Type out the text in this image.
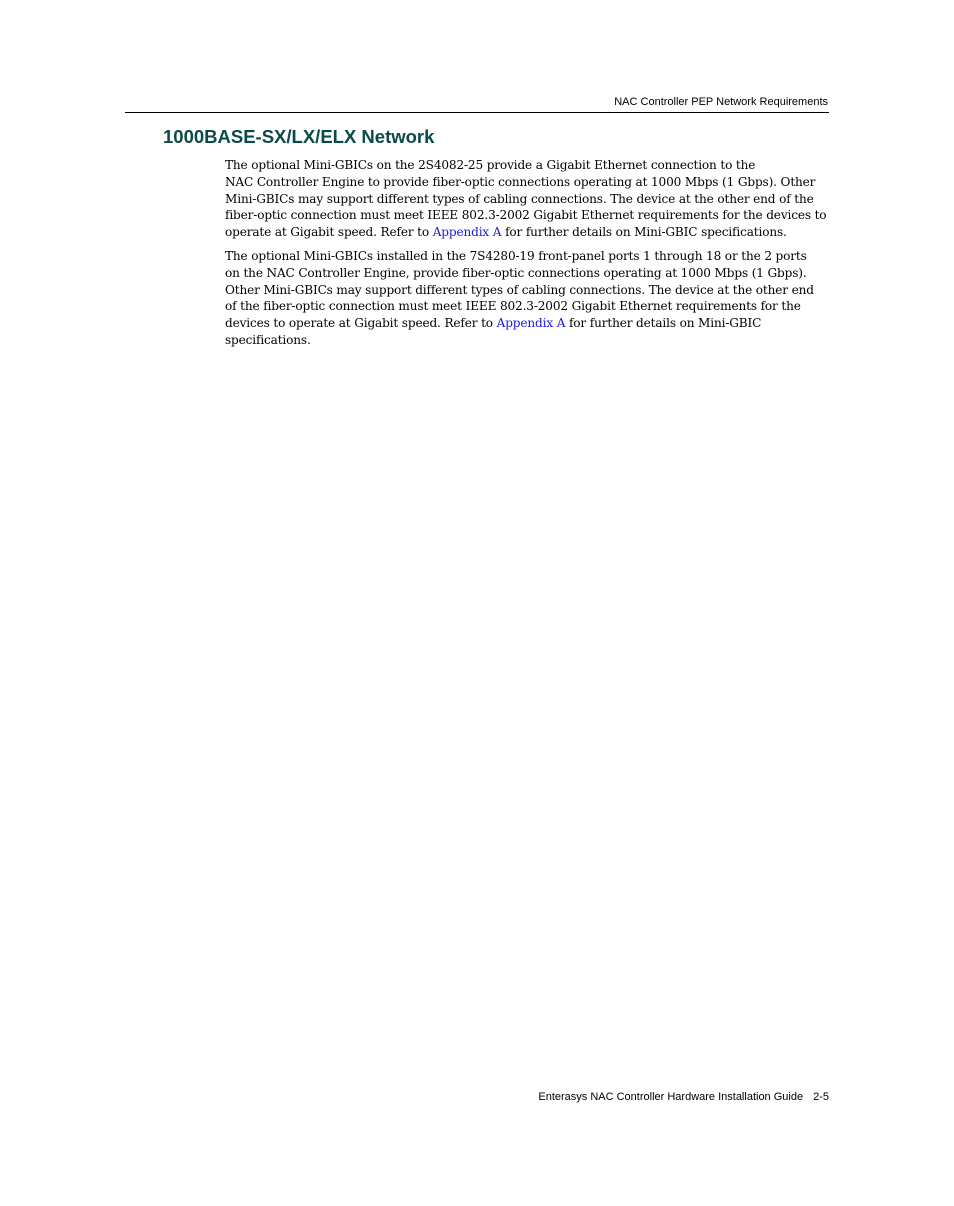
NAC Controller PEP Network Requirements
1000BASE-SX/LX/ELX Network

The optional Mini-GBICs on the 2S4082-25 provide a Gigabit Ethernet connection to the
NAC Controller Engine to provide fiber-optic connections operating at 1000 Mbps (1 Gbps). Other
Mini-GBICs may support different types of cabling connections. The device at the other end of the
fiber-optic connection must meet IEEE 802.3-2002 Gigabit Ethernet requirements for the devices to
operate at Gigabit speed. Refer to Appendix A for further details on Mini-GBIC specifications.

The optional Mini-GBICs installed in the 7S4280-19 front-panel ports 1 through 18 or the 2 ports
on the NAC Controller Engine, provide fiber-optic connections operating at 1000 Mbps (1 Gbps).
Other Mini-GBICs may support different types of cabling connections. The device at the other end
of the fiber-optic connection must meet IEEE 802.3-2002 Gigabit Ethernet requirements for the
devices to operate at Gigabit speed. Refer to Appendix A for further details on Mini-GBIC
specifications.

Enterasys NAC Controller Hardware Installation Guide 2-5
